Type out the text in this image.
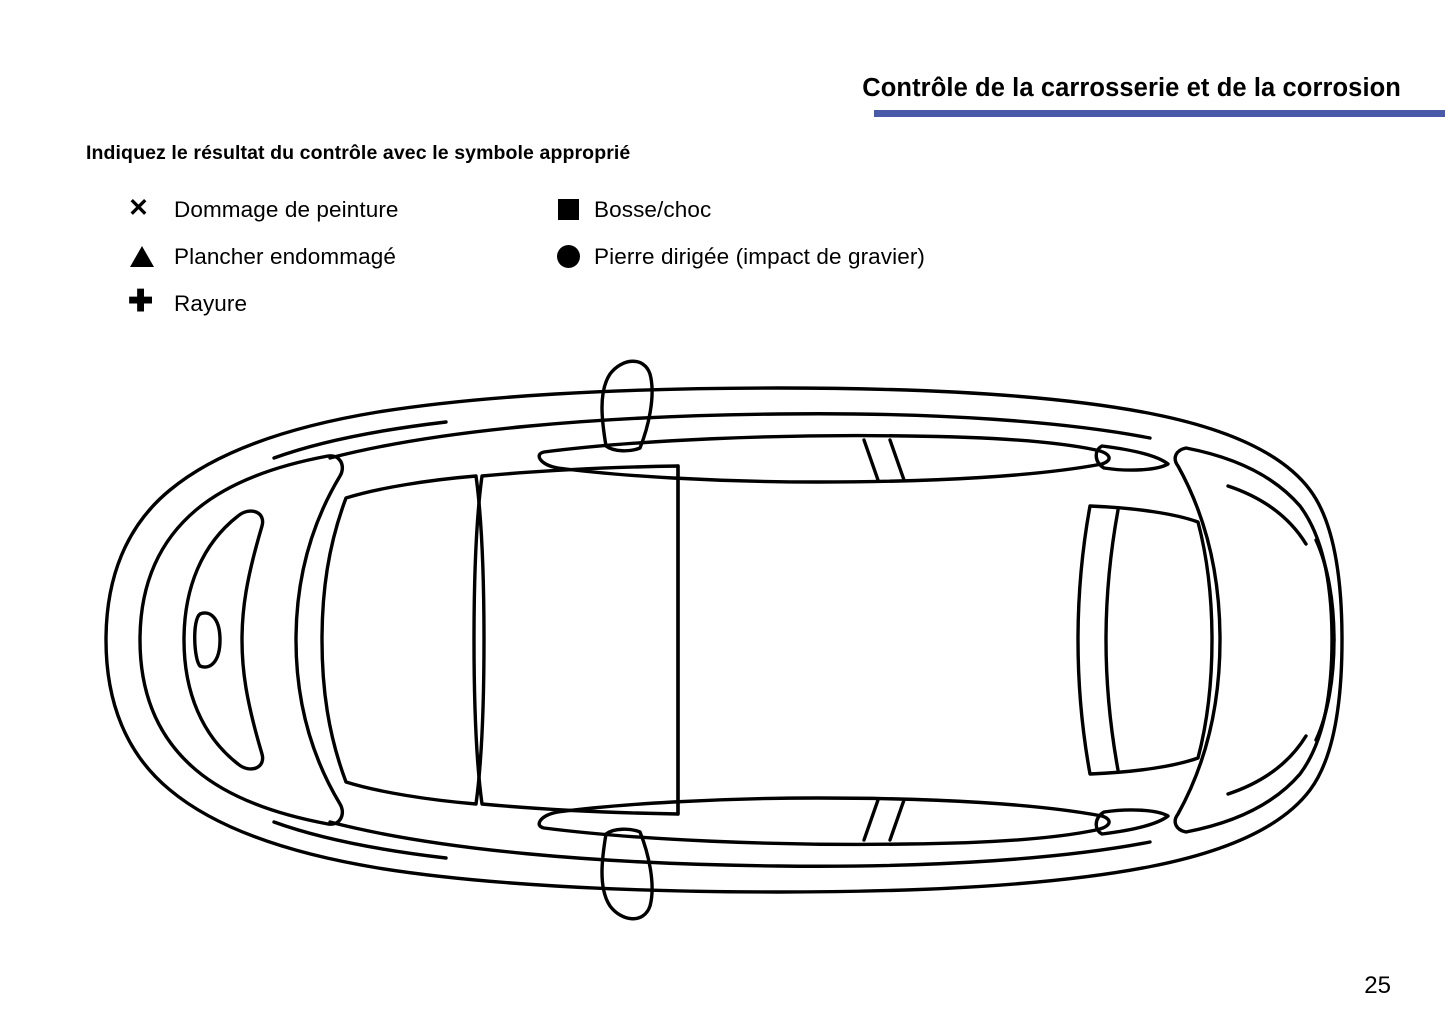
Contrôle de la carrosserie et de la corrosion
Indiquez le résultat du contrôle avec le symbole approprié
✕ Dommage de peinture
Plancher endommagé
✚ Rayure
Bosse/choc
Pierre dirigée (impact de gravier)
25
